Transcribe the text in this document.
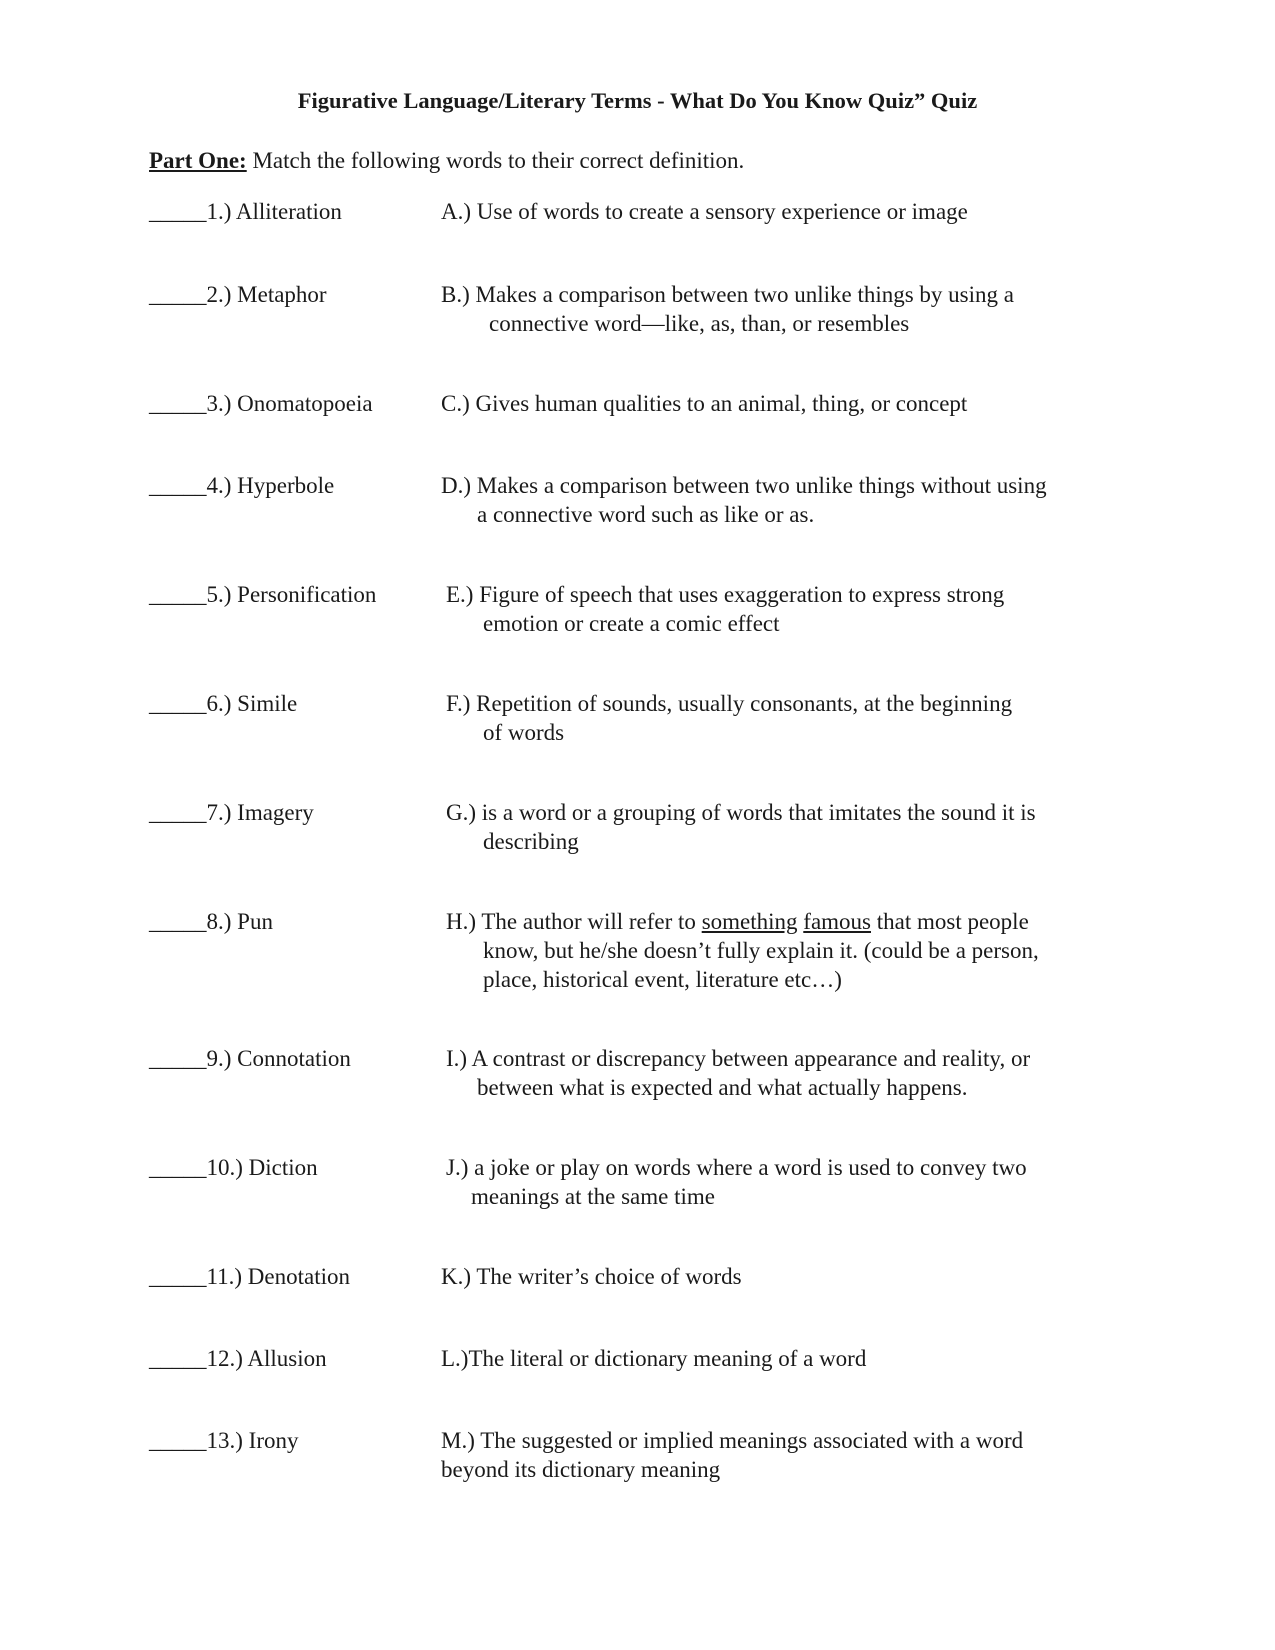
Figurative Language/Literary Terms - What Do You Know Quiz” Quiz

Part One: Match the following words to their correct definition.

_____1.) Alliteration	A.) Use of words to create a sensory experience or image
_____2.) Metaphor	B.) Makes a comparison between two unlike things by using a
connective word—like, as, than, or resembles
_____3.) Onomatopoeia	C.) Gives human qualities to an animal, thing, or concept
_____4.) Hyperbole	D.) Makes a comparison between two unlike things without using
a connective word such as like or as.
_____5.) Personification	E.) Figure of speech that uses exaggeration to express strong
emotion or create a comic effect
_____6.) Simile	F.) Repetition of sounds, usually consonants, at the beginning
of words
_____7.) Imagery	G.) is a word or a grouping of words that imitates the sound it is
describing
_____8.) Pun	H.) The author will refer to something famous that most people
know, but he/she doesn’t fully explain it. (could be a person,
place, historical event, literature etc…)
_____9.) Connotation	I.) A contrast or discrepancy between appearance and reality, or
between what is expected and what actually happens.
_____10.) Diction	J.) a joke or play on words where a word is used to convey two
meanings at the same time
_____11.) Denotation	K.) The writer’s choice of words
_____12.) Allusion	L.)The literal or dictionary meaning of a word
_____13.) Irony	M.) The suggested or implied meanings associated with a word
beyond its dictionary meaning
